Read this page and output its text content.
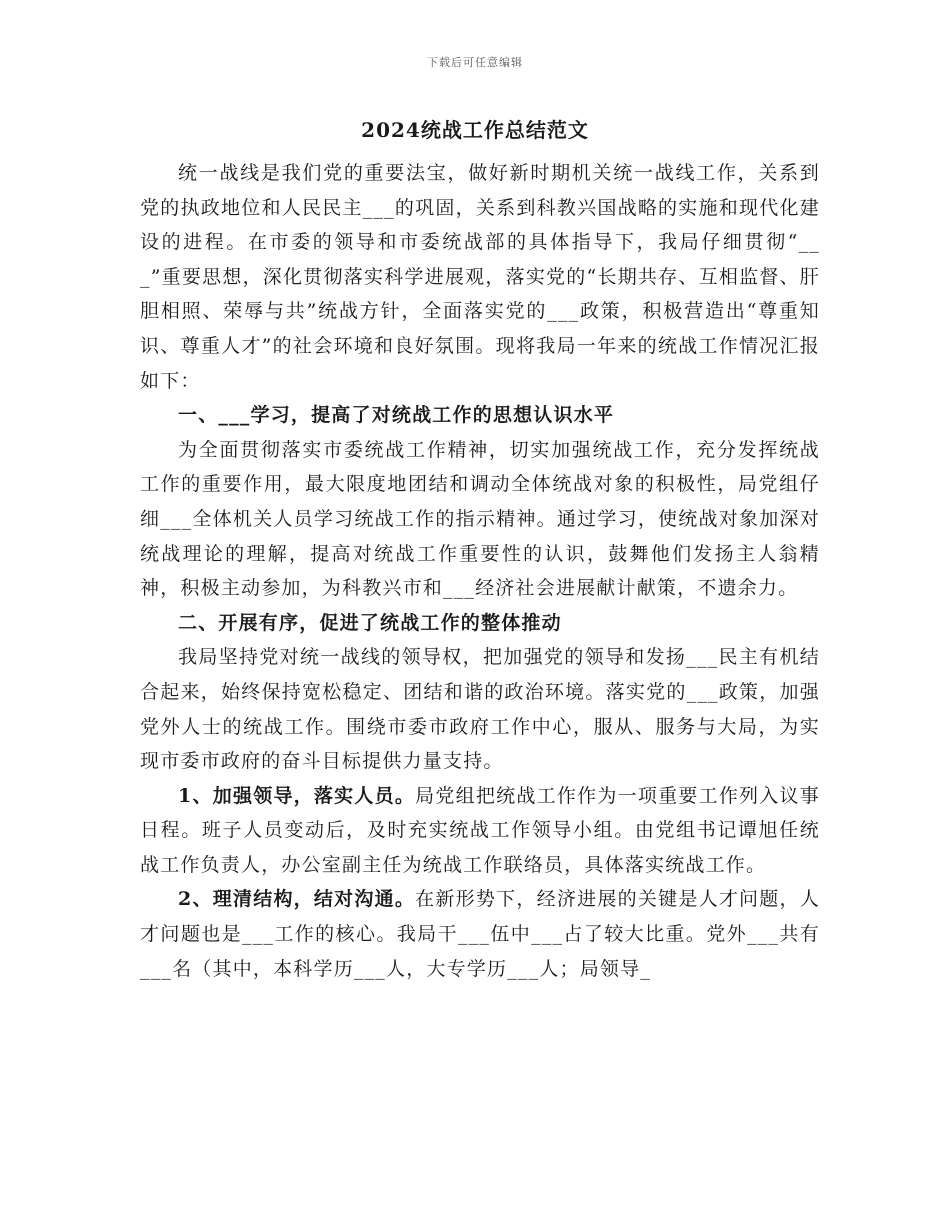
下载后可任意编辑
2024统战工作总结范文

统一战线是我们党的重要法宝，做好新时期机关统一战线工作，关系到党的执政地位和人民民主___的巩固，关系到科教兴国战略的实施和现代化建设的进程。在市委的领导和市委统战部的具体指导下，我局仔细贯彻“___”重要思想，深化贯彻落实科学进展观，落实党的“长期共存、互相监督、肝胆相照、荣辱与共”统战方针，全面落实党的___政策，积极营造出“尊重知识、尊重人才”的社会环境和良好氛围。现将我局一年来的统战工作情况汇报如下：

一、___学习，提高了对统战工作的思想认识水平

为全面贯彻落实市委统战工作精神，切实加强统战工作，充分发挥统战工作的重要作用，最大限度地团结和调动全体统战对象的积极性，局党组仔细___全体机关人员学习统战工作的指示精神。通过学习，使统战对象加深对统战理论的理解，提高对统战工作重要性的认识，鼓舞他们发扬主人翁精神，积极主动参加，为科教兴市和___经济社会进展献计献策，不遗余力。

二、开展有序，促进了统战工作的整体推动

我局坚持党对统一战线的领导权，把加强党的领导和发扬___民主有机结合起来，始终保持宽松稳定、团结和谐的政治环境。落实党的___政策，加强党外人士的统战工作。围绕市委市政府工作中心，服从、服务与大局，为实现市委市政府的奋斗目标提供力量支持。

1、加强领导，落实人员。局党组把统战工作作为一项重要工作列入议事日程。班子人员变动后，及时充实统战工作领导小组。由党组书记谭旭任统战工作负责人，办公室副主任为统战工作联络员，具体落实统战工作。

2、理清结构，结对沟通。在新形势下，经济进展的关键是人才问题，人才问题也是___工作的核心。我局干___伍中___占了较大比重。党外___共有___名（其中，本科学历___人，大专学历___人；局领导_
